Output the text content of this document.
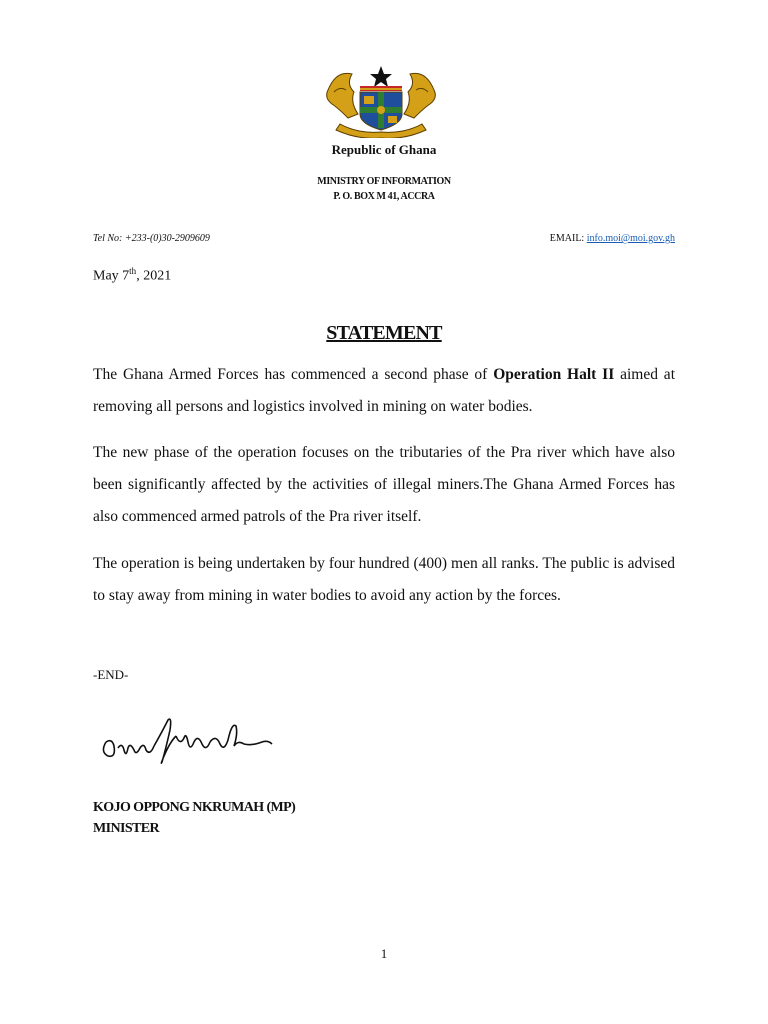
Republic of Ghana
MINISTRY OF INFORMATION
P. O. BOX M 41, ACCRA
Tel No: +233-(0)30-2909609	EMAIL: info.moi@moi.gov.gh
May 7th, 2021
STATEMENT

The Ghana Armed Forces has commenced a second phase of Operation Halt II aimed at removing all persons and logistics involved in mining on water bodies.

The new phase of the operation focuses on the tributaries of the Pra river which have also been significantly affected by the activities of illegal miners.The Ghana Armed Forces has also commenced armed patrols of the Pra river itself.

The operation is being undertaken by four hundred (400) men all ranks. The public is advised to stay away from mining in water bodies to avoid any action by the forces.

-END-
KOJO OPPONG NKRUMAH (MP)
MINISTER
1
